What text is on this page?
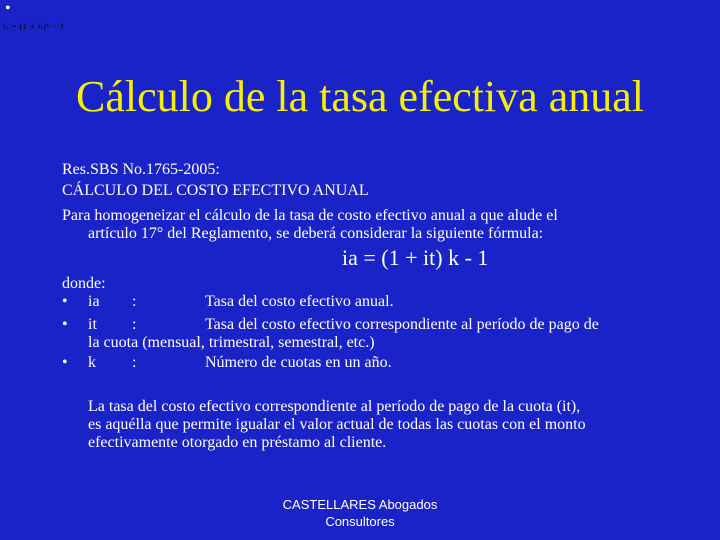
•
iₐ = (1 + iₜ)ᵏ − 1
Cálculo de la tasa efectiva anual
Res.SBS No.1765-2005:
CÁLCULO DEL COSTO EFECTIVO ANUAL
Para homogeneizar el cálculo de la tasa de costo efectivo anual a que alude el
artículo 17° del Reglamento, se deberá considerar la siguiente fórmula:
ia = (1 + it) k - 1
donde:
• ia :	Tasa del costo efectivo anual.
• it :	Tasa del costo efectivo correspondiente al período de pago de
la cuota (mensual, trimestral, semestral, etc.)
• k :	Número de cuotas en un año.
La tasa del costo efectivo correspondiente al período de pago de la cuota (it),
es aquélla que permite igualar el valor actual de todas las cuotas con el monto
efectivamente otorgado en préstamo al cliente.
CASTELLARES Abogados
Consultores
